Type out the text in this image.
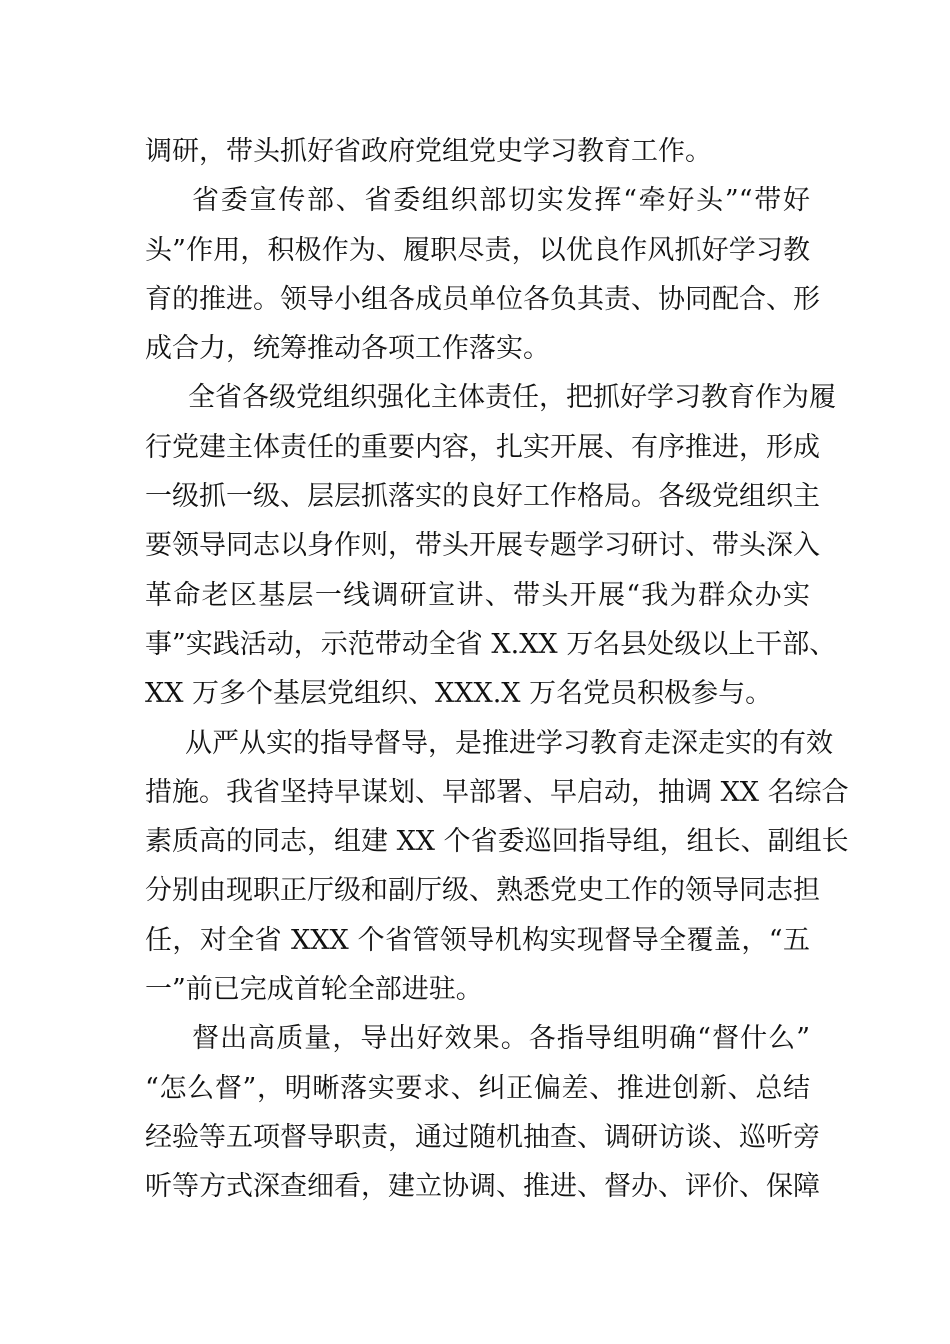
调研，带头抓好省政府党组党史学习教育工作。
省委宣传部、省委组织部切实发挥“牵好头”“带好
头”作用，积极作为、履职尽责，以优良作风抓好学习教
育的推进。领导小组各成员单位各负其责、协同配合、形
成合力，统筹推动各项工作落实。
全省各级党组织强化主体责任，把抓好学习教育作为履
行党建主体责任的重要内容，扎实开展、有序推进，形成
一级抓一级、层层抓落实的良好工作格局。各级党组织主
要领导同志以身作则，带头开展专题学习研讨、带头深入
革命老区基层一线调研宣讲、带头开展“我为群众办实
事”实践活动，示范带动全省 X.XX 万名县处级以上干部、
XX 万多个基层党组织、XXX.X 万名党员积极参与。
从严从实的指导督导，是推进学习教育走深走实的有效
措施。我省坚持早谋划、早部署、早启动，抽调 XX 名综合
素质高的同志，组建 XX 个省委巡回指导组，组长、副组长
分别由现职正厅级和副厅级、熟悉党史工作的领导同志担
任，对全省 XXX 个省管领导机构实现督导全覆盖，“五
一”前已完成首轮全部进驻。
督出高质量，导出好效果。各指导组明确“督什么”
“怎么督”，明晰落实要求、纠正偏差、推进创新、总结
经验等五项督导职责，通过随机抽查、调研访谈、巡听旁
听等方式深查细看，建立协调、推进、督办、评价、保障
